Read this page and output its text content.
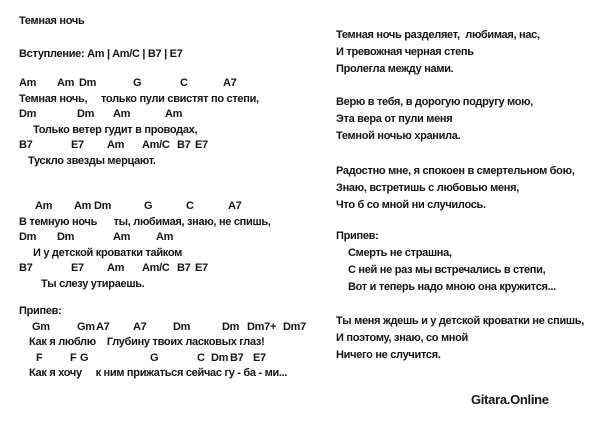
Темная ночь
Вступление: Am | Am/C | B7 | E7
Am Am Dm	G	C	A7
Темная ночь,     только пули свистят по степи,
Dm	Dm Am	Am
Только ветер гудит в проводах,
B7	E7 Am Am/C B7 E7
Тускло звезды мерцают.
Am Am Dm	G	C	A7
В темную ночь      ты, любимая, знаю, не спишь,
Dm Dm	Am Am
И у детской кроватки тайком
B7	E7 Am Am/C B7 E7
Ты слезу утираешь.
Припев:
Gm Gm A7 A7 Dm	Dm Dm7+ Dm7
Как я люблю    Глубину твоих ласковых глаз!
F	F G	G	C Dm B7 E7
Как я хочу     к ним прижаться сейчас гу - ба - ми...
Темная ночь разделяет,  любимая, нас,
И тревожная черная степь
Пролегла между нами.
Верю в тебя, в дорогую подругу мою,
Эта вера от пули меня
Темной ночью хранила.
Радостно мне, я спокоен в смертельном бою,
Знаю, встретишь с любовью меня,
Что б со мной ни случилось.
Припев:
Смерть не страшна,
С ней не раз мы встречались в степи,
Вот и теперь надо мною она кружится...
Ты меня ждешь и у детской кроватки не спишь,
И поэтому, знаю, со мной
Ничего не случится.
Gitara.Online
